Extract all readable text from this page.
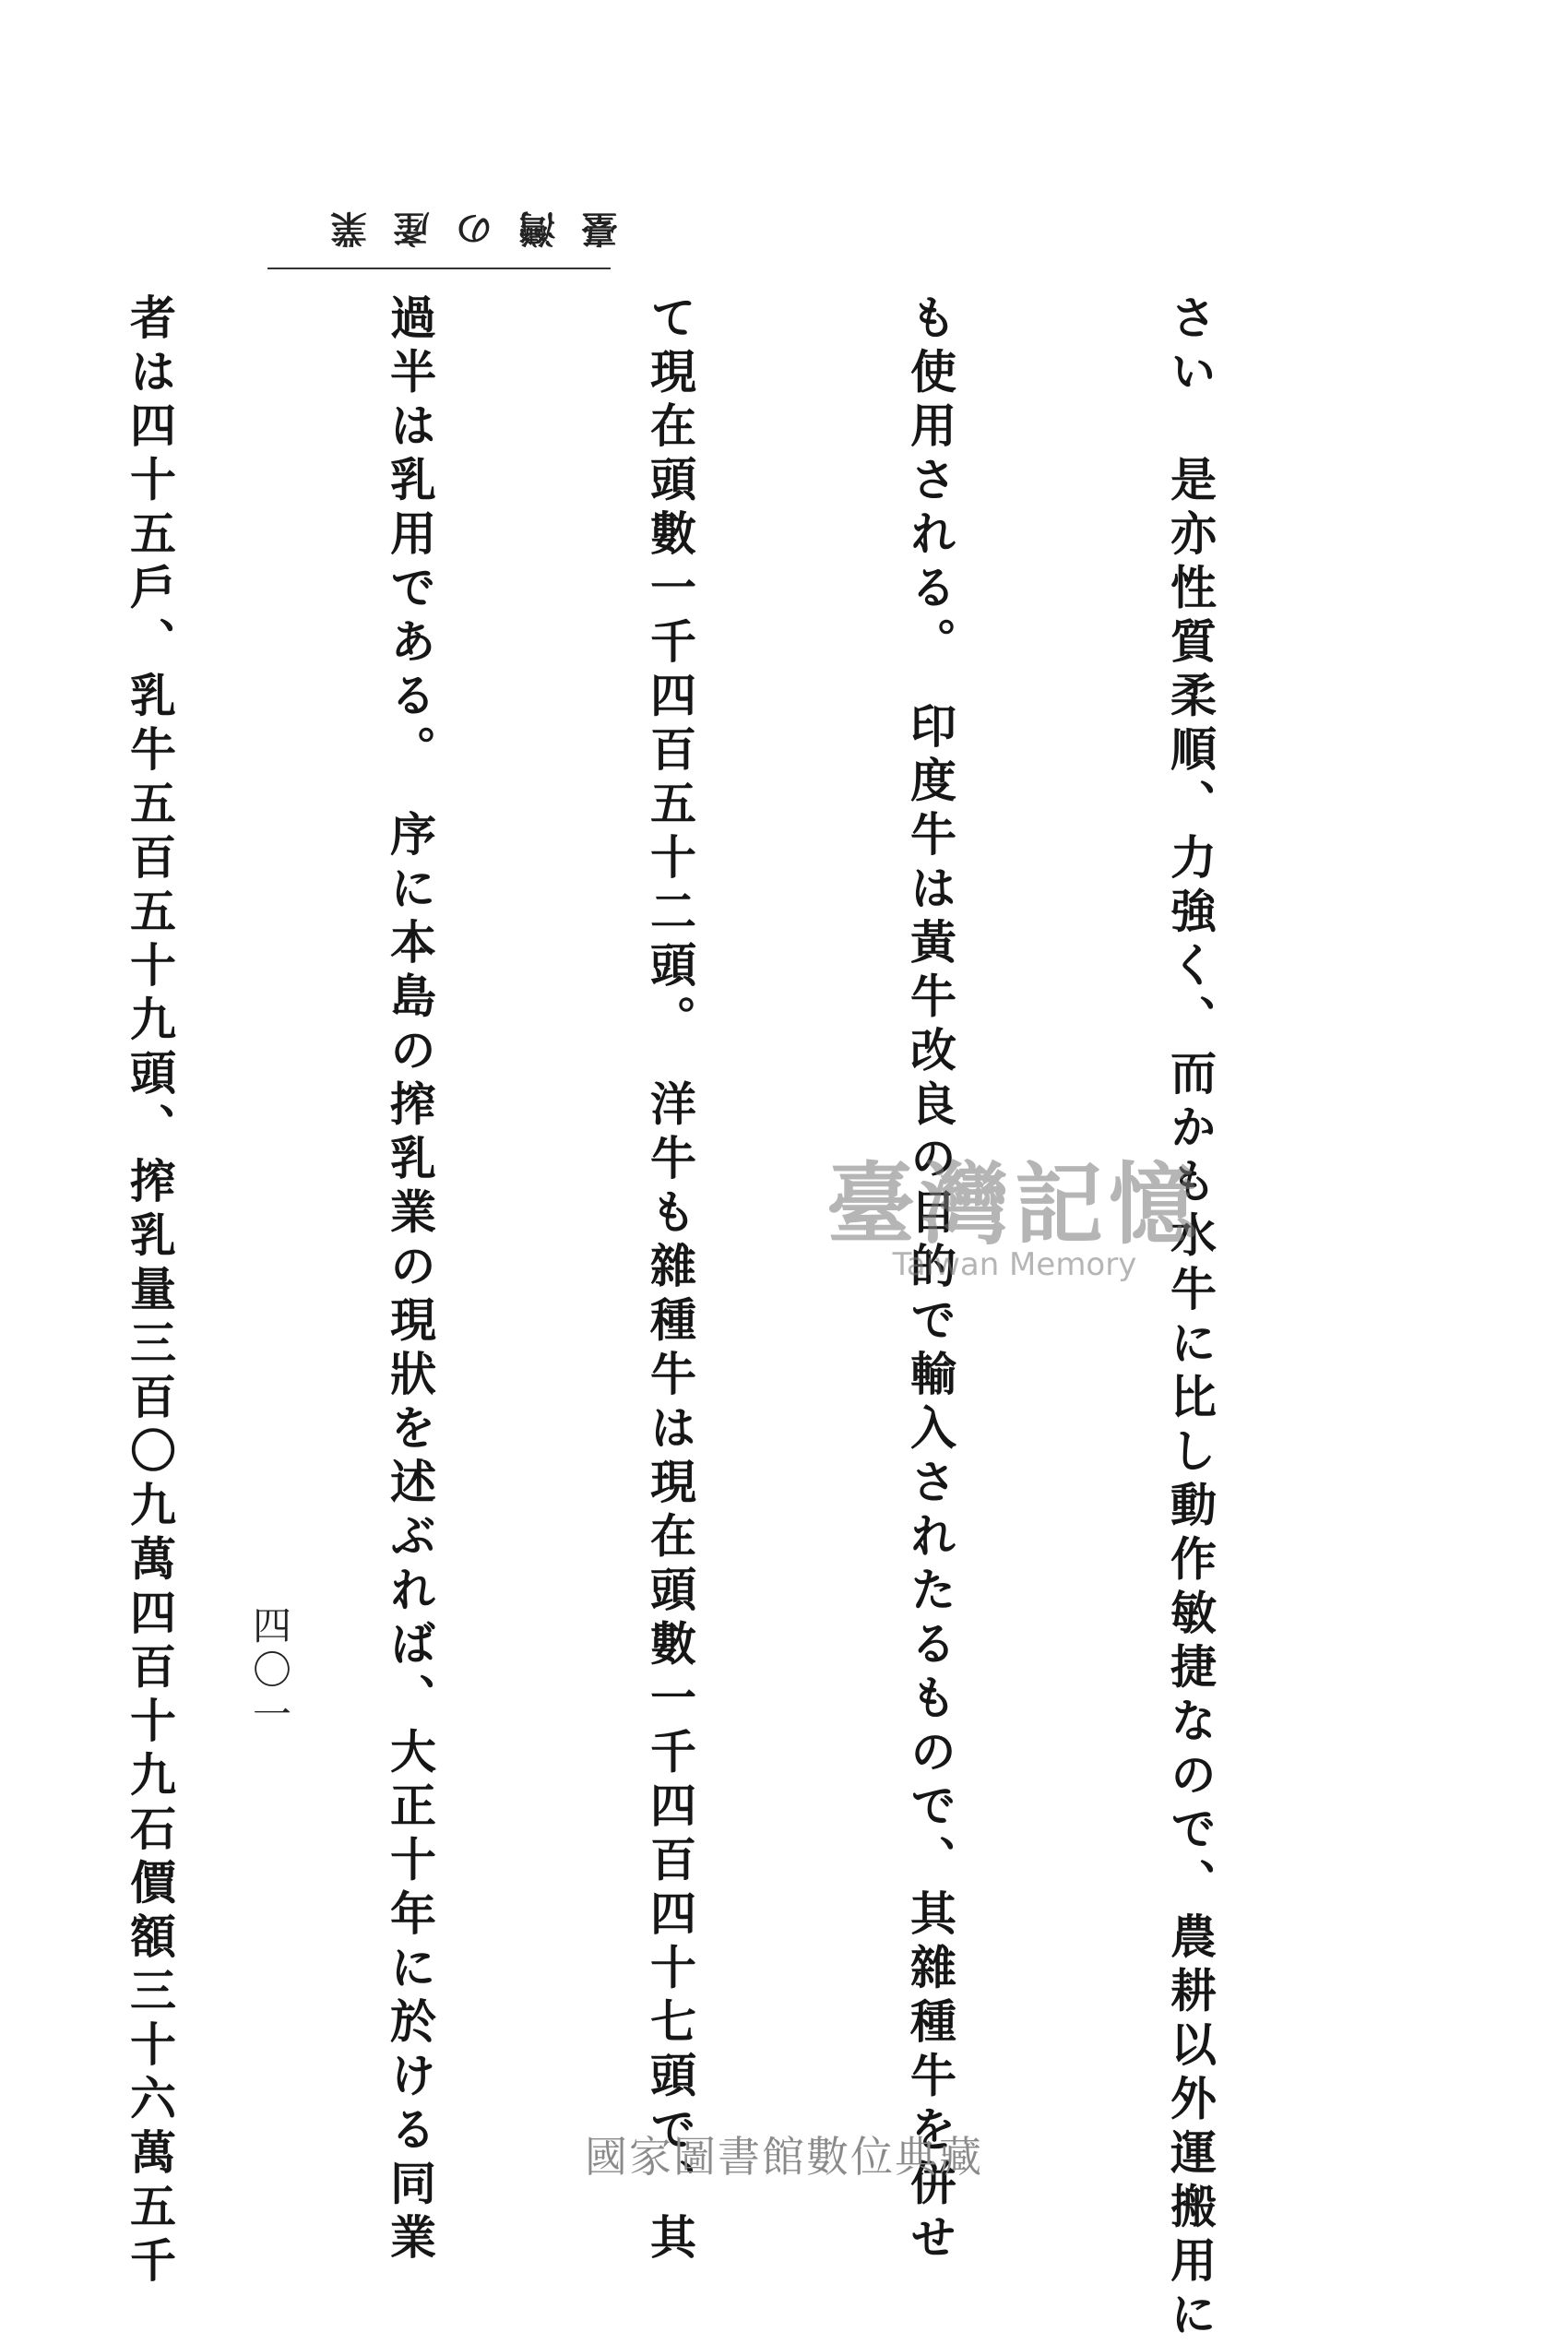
臺灣の產業

さい　是亦性質柔順、力強く、而かも水牛に比し動作敏捷なので、農耕以外運搬用に

も使用される。　印度牛は黃牛改良の目的で輸入されたるもので、其雜種牛を併せ

て現在頭數一千四百五十二頭。　洋牛も雜種牛は現在頭數一千四百四十七頭で、其

過半は乳用である。　序に本島の搾乳業の現狀を述ぶれば、大正十年に於ける同業

者は四十五戶、乳牛五百五十九頭、搾乳量三百〇九萬四百十九石價額三十六萬五千

	四〇一
臺灣記憶
Taiwan Memory
國家圖書館數位典藏
